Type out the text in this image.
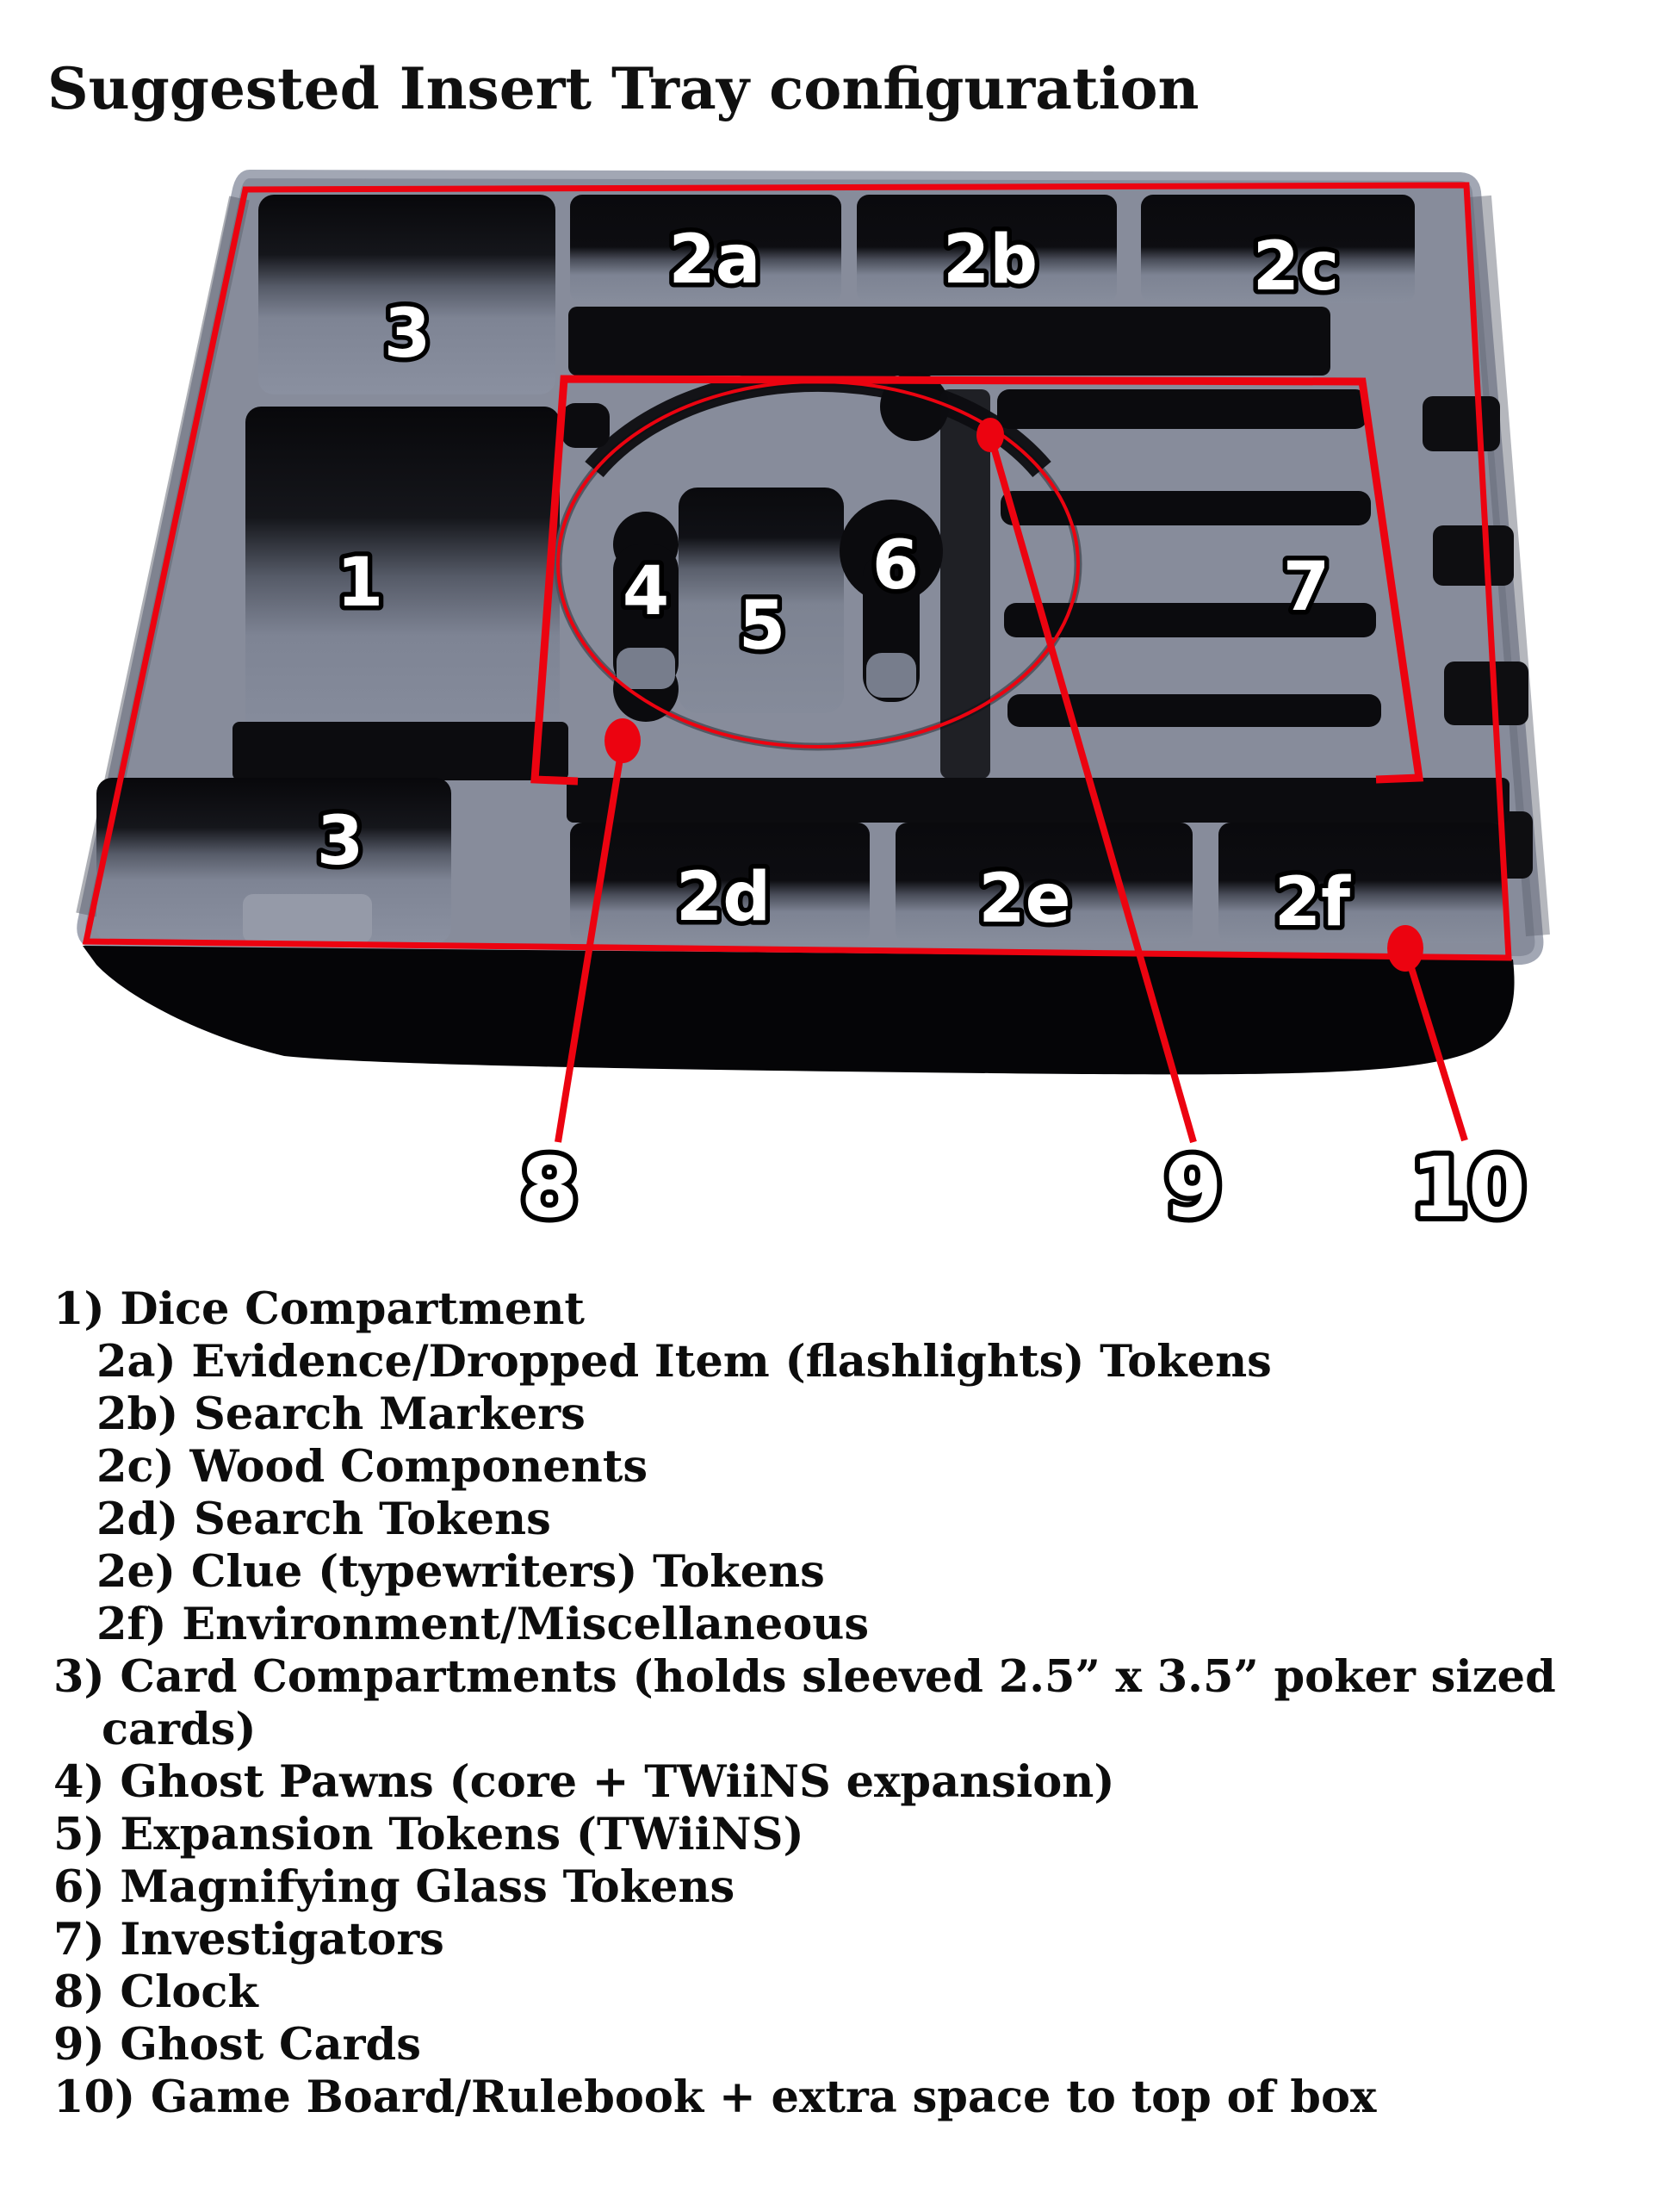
Suggested Insert Tray configuration
3
2a	2b	2c
1	4 5
6	7
3
2d	2e	2f
8	9 10
1) Dice Compartment
2a) Evidence/Dropped Item (flashlights) Tokens
2b) Search Markers
2c) Wood Components
2d) Search Tokens
2e) Clue (typewriters) Tokens
2f) Environment/Miscellaneous
3) Card Compartments (holds sleeved 2.5” x 3.5” poker sized
cards)
4) Ghost Pawns (core + TWiiNS expansion)
5) Expansion Tokens (TWiiNS)
6) Magnifying Glass Tokens
7) Investigators
8) Clock
9) Ghost Cards
10) Game Board/Rulebook + extra space to top of box
